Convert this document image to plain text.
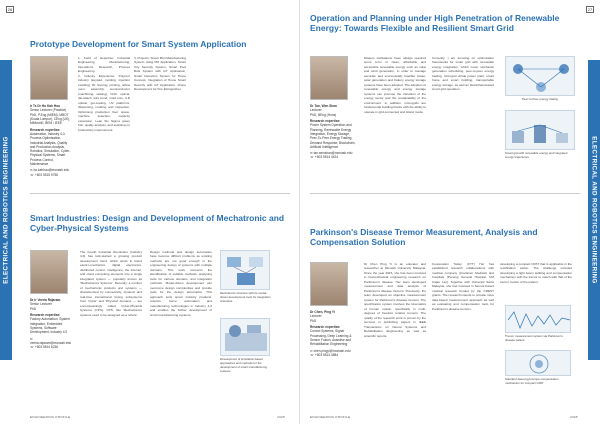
26
ELECTRICAL AND ROBOTICS ENGINEERING
Prototype Development for Smart System Application
Ir Ts Dr Ho Kah Hou
Senior Lecturer (Practice)
PhD, P.Eng (MIEM), MBOT (Kuala Lumpur), CEng (UK), MIMechE, BEM / IEEE
Research expertise:
Automation, Industry 4.0, Process Optimisation, Industrial Analysis, Quality and Production Analysis, Robotics, Simulation, Cyber-Physical Systems, Smart Process Control, Maintenance
✉ ho.kahhou@monash.edu
☏ +603 5515 9756
1. Field of Expertise: Industrial Engineering, Manufacturing, Operations Research, Process Engineering
2. Industry Experience: Polymer industry (keypad, molding, injection molding), lift, flooring, printing, reflow oven, assembly, semiconductor (machining, sawing), CNC, optical, die-attach, wire bond, mold core, 3-D optical, gel-coating, UV platforms, dispensing, molding and inspection. Optimising production floor space, machine selection, capacity expansion, Lean Six Sigma green belt, quality analysis, and assisting on productivity improvement.
3. Projects: Smart Mini Manufacturing System using PM Application, Smart City Security System, Smart Pool Bots System with IoT Application, Smart Detection System for Home Concept, Integration of Home Smart Security with IoT Application, Drone Development for Fire Extinguisher.
Smart Industries: Design and Development of Mechatronic and Cyber-Physical Systems
Dr Ir Veeria Rajaram
Senior Lecturer
PhD
Research expertise:
Factory Automation, System Integration, Embedded Systems, Software Development, Industry 4.0
✉ veeria.rajaram@monash.edu
☏ +603 5514 6236
The Fourth Industrial Revolution (Industry 4.0) has kick-started a growing product development trend, which tends to blend electro-mechanics, digital electronics, distributed control, intelligence, the Internet, and cloud computing elements into a single integrated system — popularly known as 'Mechatronics Systems'. Recently, a number of mechatronic products and systems — characterised by connectivity, dynamic and real-time interactional timing subsystems from 'Cyber' and 'Physical' domains — are encompassingly called Cyber-Physical Systems (CPS). CPS, like Mechatronics systems need to be designed as a 'whole'.
Design methods and design automation have become difficult problems as existing methods are not good enough in the engineering design of systems with multiple domains. This work concerns the identification of suitable methods, analysing tools for various domains, and integration methods. Model-driven development can overcome design complexities and provide tools for the design automation. This approach suits smart industry products, robotics, home automation and manufacturing technologies in Industry 4.0 and enables the further development of smart manufacturing systems.
Mechatronic structure with its model-driven development tools for integration scenarios
Development of simulation-based approaches and methods for the development of smart manufacturing systems
ENGINEERING PROFILE	2025
27
ELECTRICAL AND ROBOTICS ENGINEERING
Operation and Planning under High Penetration of Renewable Energy: Towards Flexible and Resilient Smart Grid
Dr Tan, Wen Shan
Lecturer
PhD, BEng (Hons)
Research expertise:
Power System Operation and Planning, Renewable Energy Integration, Energy Storage, Peer-To-Peer Energy Trading, Demand Response, Blockchain, Artificial Intelligence
✉ tan.wenshan@monash.edu
☏ +603 5514 4424
Modern civilisations have always required some form of clean, affordable and accessible renewable energy such as solar and wind generation. In order to manage accurate and economically feasible power, solar generation and battery energy storage systems have been adopted. The adoption of renewable energy and energy storage systems can promote the transition of the energy sector and the sustainability of the environment. In addition, microgrids are fundamental building blocks with the ability to operate in grid-connected and island mode.
Currently, I am focusing on optimisation frameworks for smart grid with renewable energy integration, which cover stochastic generation scheduling, peer-to-peer energy trading, microgrid virtual power plant, smart home and smart building, transportable energy storage, as well as blockchain-based smart grid operation.
Peer-to-Peer energy trading
Smart grid with renewable energy and integrated energy trajectories
Parkinson's Disease Tremor Measurement, Analysis and Compensation Solution
Dr Chen, Ping Yi
Lecturer
PhD
Research expertise:
Control Systems, Signal Processing, Deep Learning & Sensor Fusion, Assistive and Rehabilitation Engineering
✉ chen.pingyi@monash.edu
☏ +603 5514 4884
Dr Chen Ping Yi is an educator and researcher at Monash University Malaysia. Since the year 2015, she has been involved in biomechanical engineering research on Parkinson's disease. Her team developed measurement and data analysis of Parkinson's disease tremors. Previously, the team developed an objective measurement system for Parkinson's disease tremors. The specification system involves the kinematics of human motion, specifically in multi- degrees of freedom relative tremors. The quality of the research work is proven by the success in publishing papers in IEEE Transactions on Neural Systems and Rehabilitation Engineering as well as scientific reports.
Cooperation Today: (FTT) Her has established research collaborations with medical company (Frankzen Medical) and hospitals (Penang General Hospital, UM Cajan Lay). Together with Universiti Sains Malaysia, she has involved in Sensor-based medical research funded by the CREST grants. The research intends to provide more data-based measurement approach as well as evaluating and compensation tools for Parkinson's disease tremors.
developing a compact CPAT that is applicable in the rectification action. The challenge includes developing a light beam splitting and compensation mechanism with the tremor to match with that of the tremor motion of the patient.
Tremor measurement system via Parkinson's disease patient
Standard-based gyroscope compensation mechanism for compact CPAT
ENGINEERING PROFILE	2025
